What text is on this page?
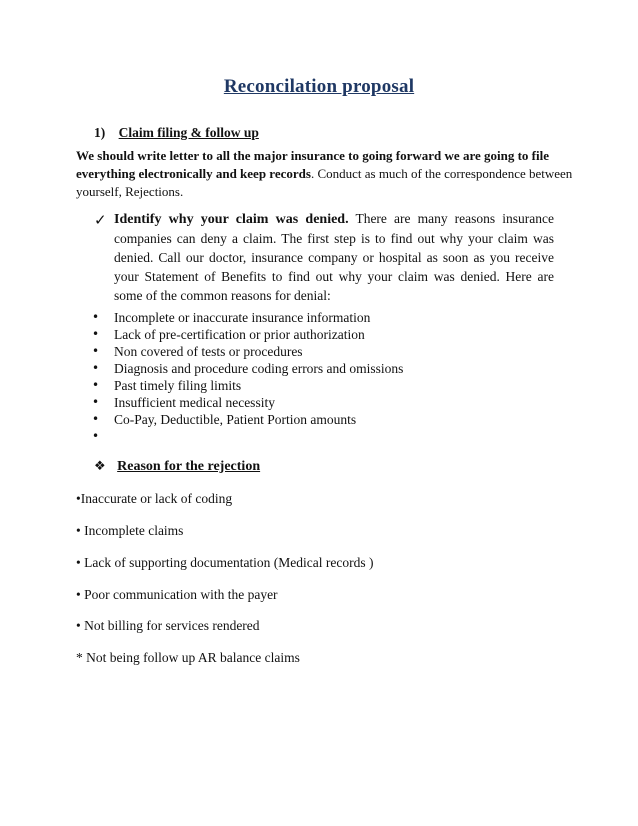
Reconcilation proposal
1) Claim filing & follow up
We should write letter to all the major insurance to going forward we are going to file everything electronically and keep records. Conduct as much of the correspondence between yourself, Rejections.
✓ Identify why your claim was denied. There are many reasons insurance companies can deny a claim. The first step is to find out why your claim was denied. Call our doctor, insurance company or hospital as soon as you receive your Statement of Benefits to find out why your claim was denied. Here are some of the common reasons for denial:
• Incomplete or inaccurate insurance information
• Lack of pre-certification or prior authorization
• Non covered of tests or procedures
• Diagnosis and procedure coding errors and omissions
• Past timely filing limits
• Insufficient medical necessity
• Co-Pay, Deductible, Patient Portion amounts
•
❖ Reason for the rejection
•Inaccurate or lack of coding
• Incomplete claims
• Lack of supporting documentation (Medical records )
• Poor communication with the payer
• Not billing for services rendered
* Not being follow up AR balance claims
